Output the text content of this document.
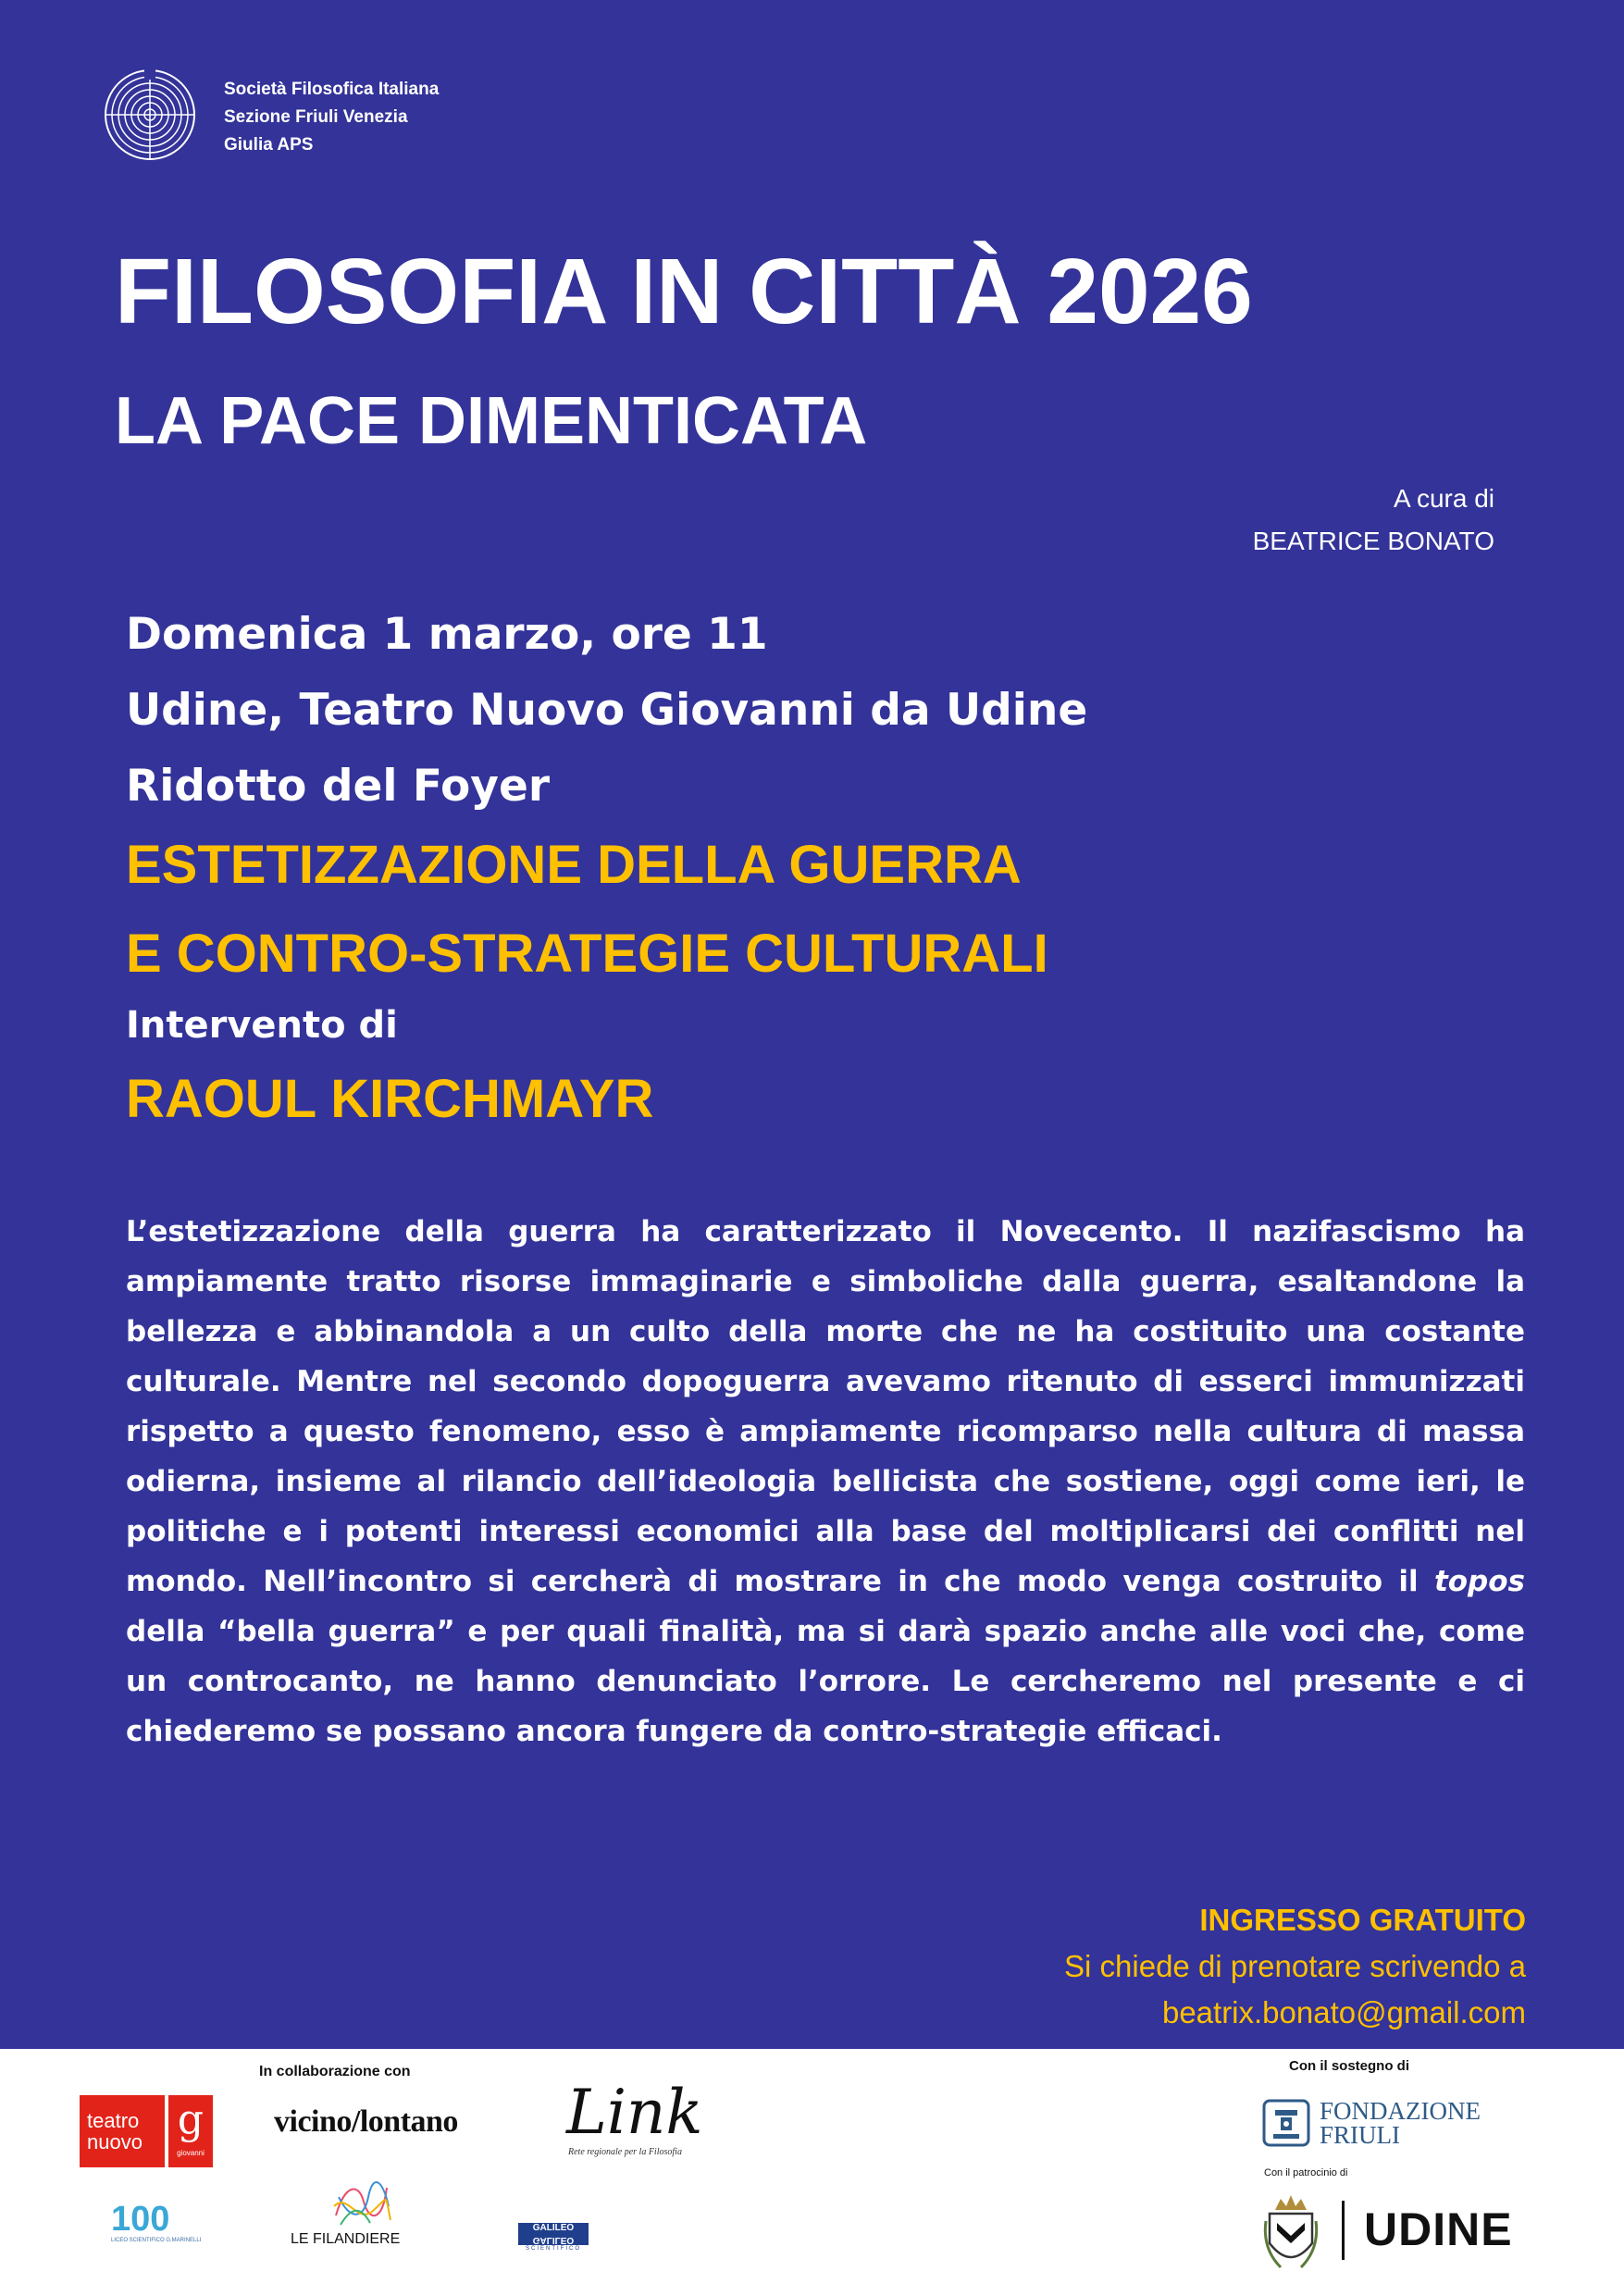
Società Filosofica Italiana
Sezione Friuli Venezia
Giulia APS
FILOSOFIA IN CITTÀ 2026
LA PACE DIMENTICATA
A cura di
BEATRICE BONATO
Domenica 1 marzo, ore 11
Udine, Teatro Nuovo Giovanni da Udine
Ridotto del Foyer
ESTETIZZAZIONE DELLA GUERRA
E CONTRO-STRATEGIE CULTURALI
Intervento di
RAOUL KIRCHMAYR

L’estetizzazione della guerra ha caratterizzato il Novecento. Il nazifascismo ha ampiamente tratto risorse immaginarie e simboliche dalla guerra, esaltandone la bellezza e abbinandola a un culto della morte che ne ha costituito una costante culturale. Mentre nel secondo dopoguerra avevamo ritenuto di esserci immunizzati rispetto a questo fenomeno, esso è ampiamente ricomparso nella cultura di massa odierna, insieme al rilancio dell’ideologia bellicista che sostiene, oggi come ieri, le politiche e i potenti interessi economici alla base del moltiplicarsi dei conflitti nel mondo. Nell’incontro si cercherà di mostrare in che modo venga costruito il topos della “bella guerra” e per quali finalità, ma si darà spazio anche alle voci che, come un controcanto, ne hanno denunciato l’orrore. Le cercheremo nel presente e ci chiederemo se possano ancora fungere da contro-strategie efficaci.

INGRESSO GRATUITO
Si chiede di prenotare scrivendo a
beatrix.bonato@gmail.com
In collaborazione con	Con il sostegno di
teatro
nuovo g
giovanni
vicino/lontano Link
Rete regionale per la Filosofia
100
LICEO SCIENTIFICO G.MARINELLI	LE FILANDIERE
GALILEO
GALILEO
SCIENTIFICO
FONDAZIONE
FRIULI
Con il patrocinio di
UDINE
